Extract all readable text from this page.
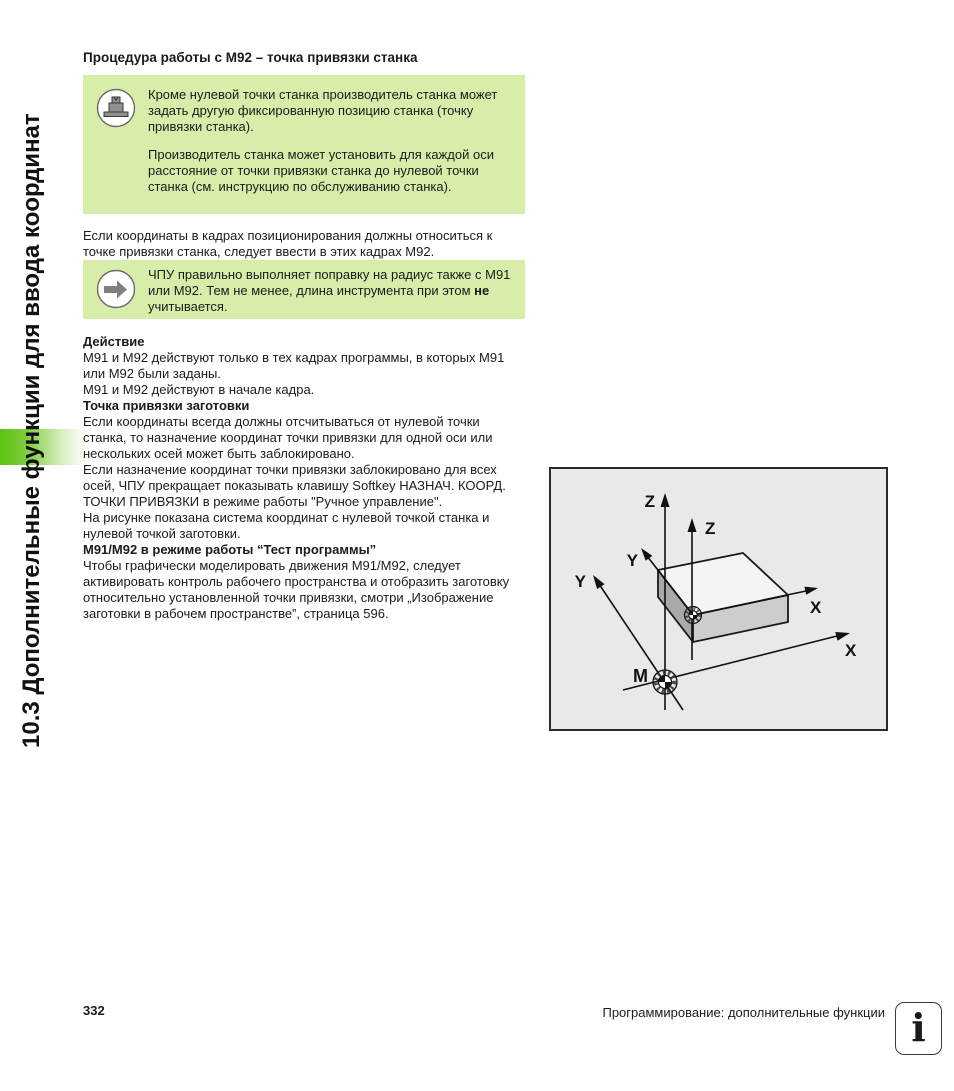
10.3 Дополнительные функции для ввода координат
Процедура работы с M92 – точка привязки станка

Кроме нулевой точки станка производитель станка может задать другую фиксированную позицию станка (точку привязки станка).

Производитель станка может установить для каждой оси расстояние от точки привязки станка до нулевой точки станка (см. инструкцию по обслуживанию станка).

Если координаты в кадрах позиционирования должны относиться к точке привязки станка, следует ввести в этих кадрах M92.

ЧПУ правильно выполняет поправку на радиус также с M91 или M92. Тем не менее, длина инструмента при этом не учитывается.

Действие

M91 и M92 действуют только в тех кадрах программы, в которых M91 или M92 были заданы.

M91 и M92 действуют в начале кадра.

Точка привязки заготовки

Если координаты всегда должны отсчитываться от нулевой точки станка, то назначение координат точки привязки для одной оси или нескольких осей может быть заблокировано.

Если назначение координат точки привязки заблокировано для всех осей, ЧПУ прекращает показывать клавишу Softkey НАЗНАЧ. КООРД. ТОЧКИ ПРИВЯЗКИ в режиме работы "Ручное управление".

На рисунке показана система координат с нулевой точкой станка и нулевой точкой заготовки.

M91/M92 в режиме работы “Тест программы”

Чтобы графически моделировать движения M91/M92, следует активировать контроль рабочего пространства и отобразить заготовку относительно установленной точки привязки, смотри „Изображение заготовки в рабочем пространстве”, страница 596.

Z
Y
X
Z
Y
X
M
332	Программирование: дополнительные функции i
